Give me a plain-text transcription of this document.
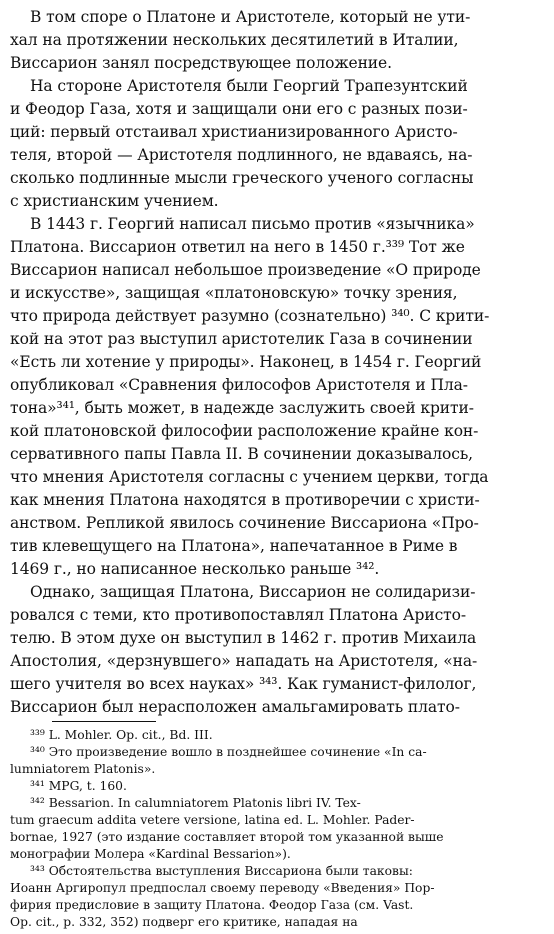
В том споре о Платоне и Аристотеле, который не ути-
хал на протяжении нескольких десятилетий в Италии,
Виссарион занял посредствующее положение.
На стороне Аристотеля были Георгий Трапезунтский
и Феодор Газа, хотя и защищали они его с разных пози-
ций: первый отстаивал христианизированного Аристо-
теля, второй — Аристотеля подлинного, не вдаваясь, на-
сколько подлинные мысли греческого ученого согласны
с христианским учением.
В 1443 г. Георгий написал письмо против «язычника»
Платона. Виссарион ответил на него в 1450 г.³³⁹ Тот же
Виссарион написал небольшое произведение «О природе
и искусстве», защищая «платоновскую» точку зрения,
что природа действует разумно (сознательно) ³⁴⁰. С крити-
кой на этот раз выступил аристотелик Газа в сочинении
«Есть ли хотение у природы». Наконец, в 1454 г. Георгий
опубликовал «Сравнения философов Аристотеля и Пла-
тона»³⁴¹, быть может, в надежде заслужить своей крити-
кой платоновской философии расположение крайне кон-
сервативного папы Павла II. В сочинении доказывалось,
что мнения Аристотеля согласны с учением церкви, тогда
как мнения Платона находятся в противоречии с христи-
анством. Репликой явилось сочинение Виссариона «Про-
тив клевещущего на Платона», напечатанное в Риме в
1469 г., но написанное несколько раньше ³⁴².
Однако, защищая Платона, Виссарион не солидаризи-
ровался с теми, кто противопоставлял Платона Аристо-
телю. В этом духе он выступил в 1462 г. против Михаила
Апостолия, «дерзнувшего» нападать на Аристотеля, «на-
шего учителя во всех науках» ³⁴³. Как гуманист-филолог,
Виссарион был нерасположен амальгамировать плато-
³³⁹ L. Mohler. Op. cit., Bd. III.
³⁴⁰ Это произведение вошло в позднейшее сочинение «In ca-
lumniatorem Platonis».
³⁴¹ MPG, t. 160.
³⁴² Bessarion. In calumniatorem Platonis libri IV. Tex-
tum graecum addita vetere versione, latina ed. L. Mohler. Pader-
bornae, 1927 (это издание составляет второй том указанной выше
монографии Молера «Kardinal Bessarion»).
³⁴³ Обстоятельства выступления Виссариона были таковы:
Иоанн Аргиропул предпослал своему переводу «Введения» Пор-
фирия предисловие в защиту Платона. Феодор Газа (см. Vast.
Op. cit., p. 332, 352) подверг его критике, нападая на
